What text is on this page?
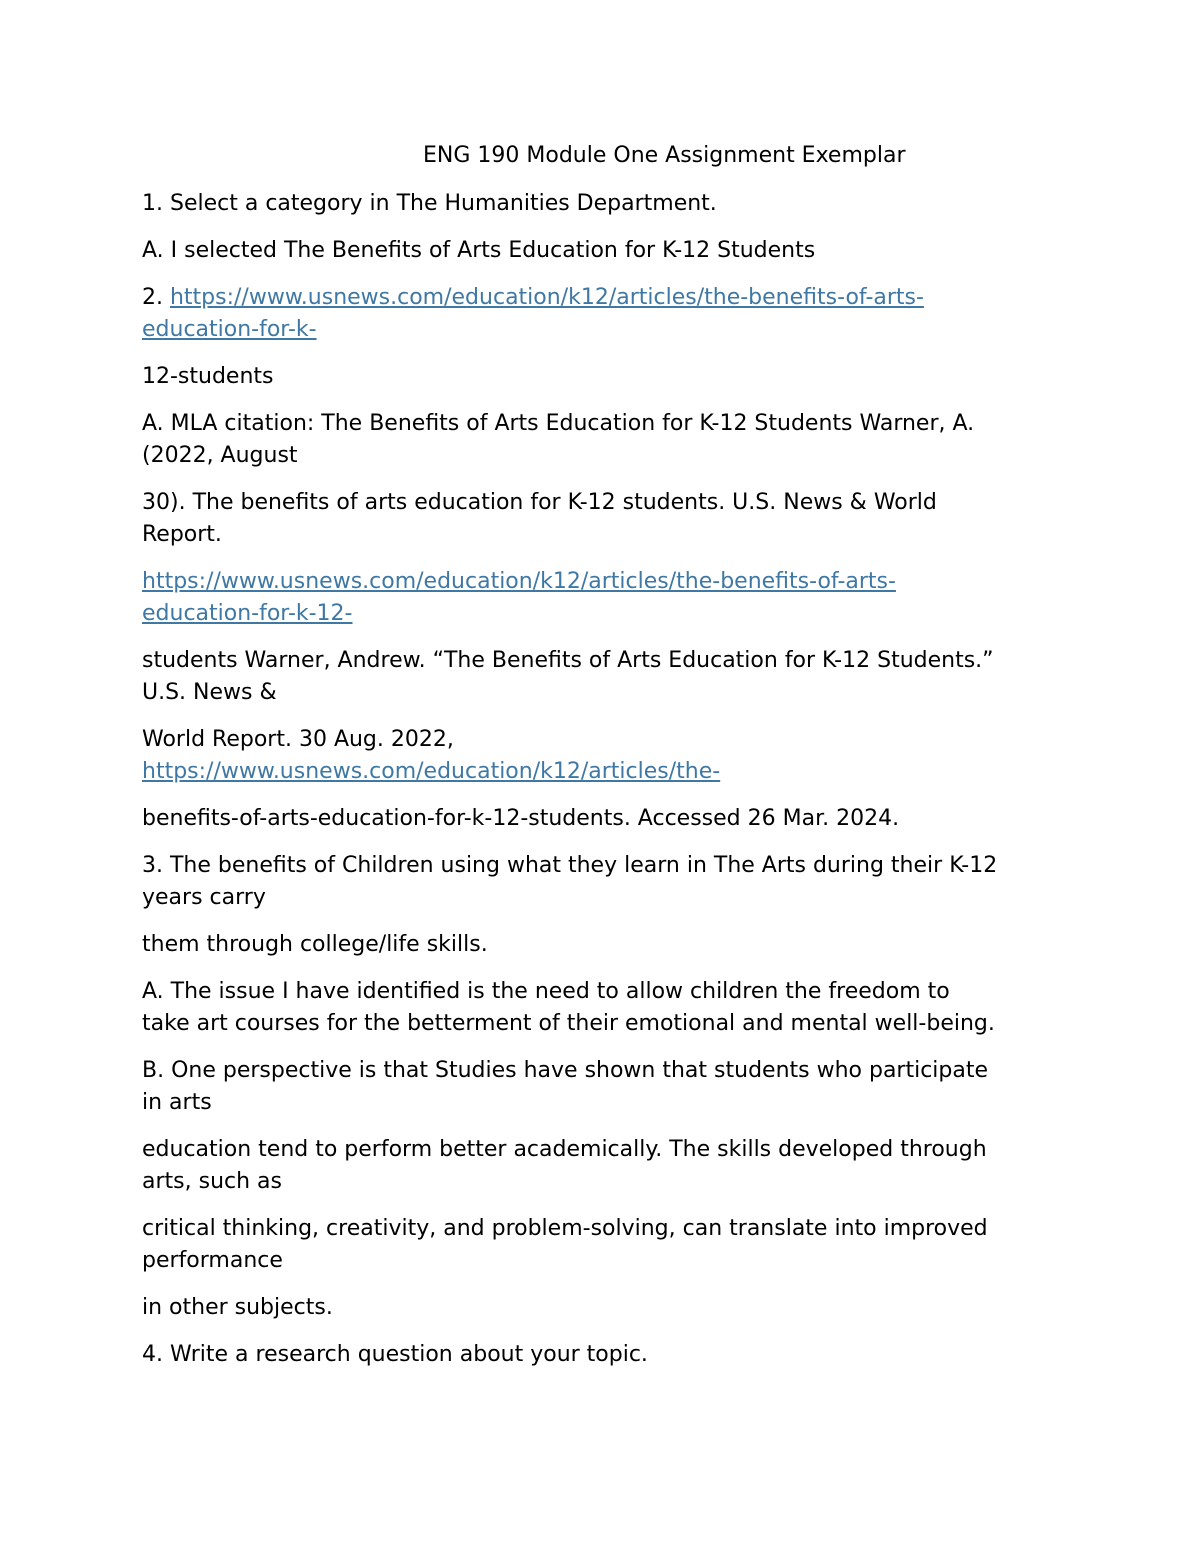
ENG 190 Module One Assignment Exemplar

1. Select a category in The Humanities Department.

A. I selected The Benefits of Arts Education for K-12 Students

2. https://www.usnews.com/education/k12/articles/the-benefits-of-arts-
education-for-k-

12-students

A. MLA citation: The Benefits of Arts Education for K-12 Students Warner, A.
(2022, August

30). The benefits of arts education for K-12 students. U.S. News & World
Report.

https://www.usnews.com/education/k12/articles/the-benefits-of-arts-
education-for-k-12-

students Warner, Andrew. “The Benefits of Arts Education for K-12 Students.”
U.S. News &

World Report. 30 Aug. 2022,
https://www.usnews.com/education/k12/articles/the-

benefits-of-arts-education-for-k-12-students. Accessed 26 Mar. 2024.

3. The benefits of Children using what they learn in The Arts during their K-12
years carry

them through college/life skills.

A. The issue I have identified is the need to allow children the freedom to
take art courses for the betterment of their emotional and mental well-being.

B. One perspective is that Studies have shown that students who participate
in arts

education tend to perform better academically. The skills developed through
arts, such as

critical thinking, creativity, and problem-solving, can translate into improved
performance

in other subjects.

4. Write a research question about your topic.
